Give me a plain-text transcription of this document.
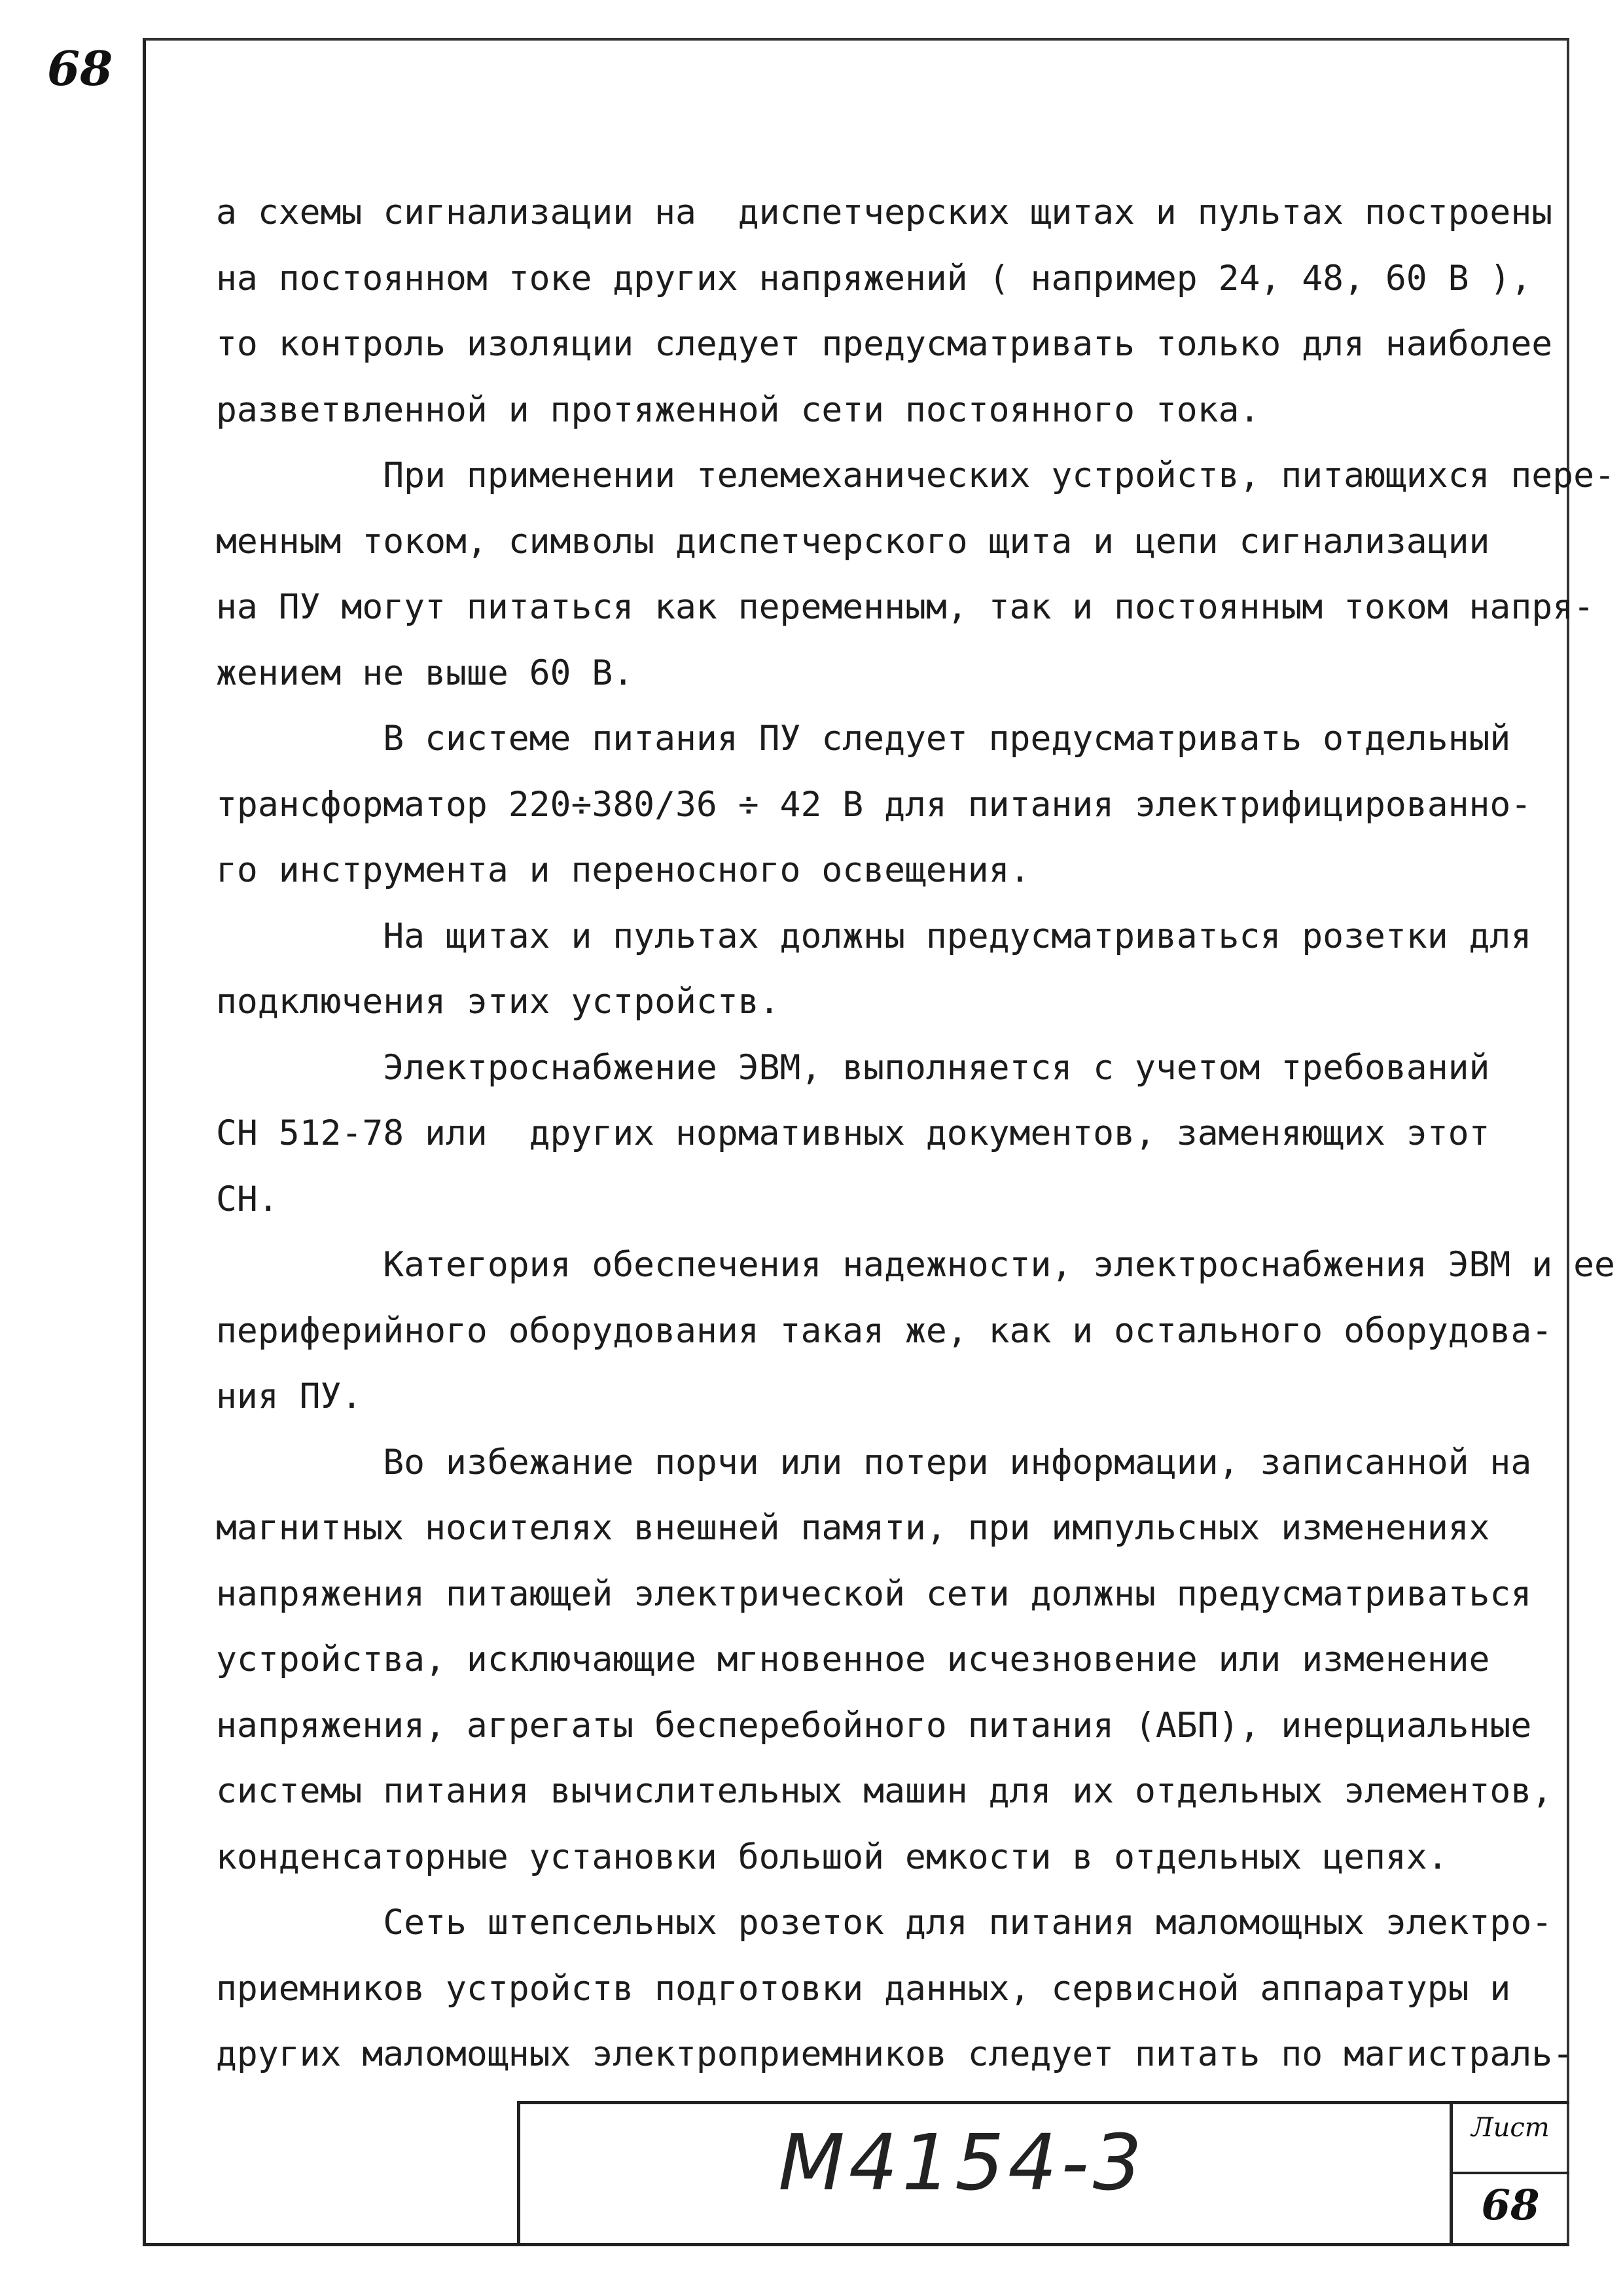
68
а схемы сигнализации на  диспетчерских щитах и пультах построены
на постоянном токе других напряжений ( например 24, 48, 60 В ),
то контроль изоляции следует предусматривать только для наиболее
разветвленной и протяженной сети постоянного тока.
При применении телемеханических устройств, питающихся пере-
менным током, символы диспетчерского щита и цепи сигнализации
на ПУ могут питаться как переменным, так и постоянным током напря-
жением не выше 60 В.
В системе питания ПУ следует предусматривать отдельный
трансформатор 220÷380/36 ÷ 42 В для питания электрифицированно-
го инструмента и переносного освещения.
На щитах и пультах должны предусматриваться розетки для
подключения этих устройств.
Электроснабжение ЭВМ, выполняется с учетом требований
СН 512-78 или  других нормативных документов, заменяющих этот
СН.
Категория обеспечения надежности, электроснабжения ЭВМ и ее
периферийного оборудования такая же, как и остального оборудова-
ния ПУ.
Во избежание порчи или потери информации, записанной на
магнитных носителях внешней памяти, при импульсных изменениях
напряжения питающей электрической сети должны предусматриваться
устройства, исключающие мгновенное исчезновение или изменение
напряжения, агрегаты бесперебойного питания (АБП), инерциальные
системы питания вычислительных машин для их отдельных элементов,
конденсаторные установки большой емкости в отдельных цепях.
Сеть штепсельных розеток для питания маломощных электро-
приемников устройств подготовки данных, сервисной аппаратуры и
других маломощных электроприемников следует питать по магистраль-
М4154-3	Лист
68
